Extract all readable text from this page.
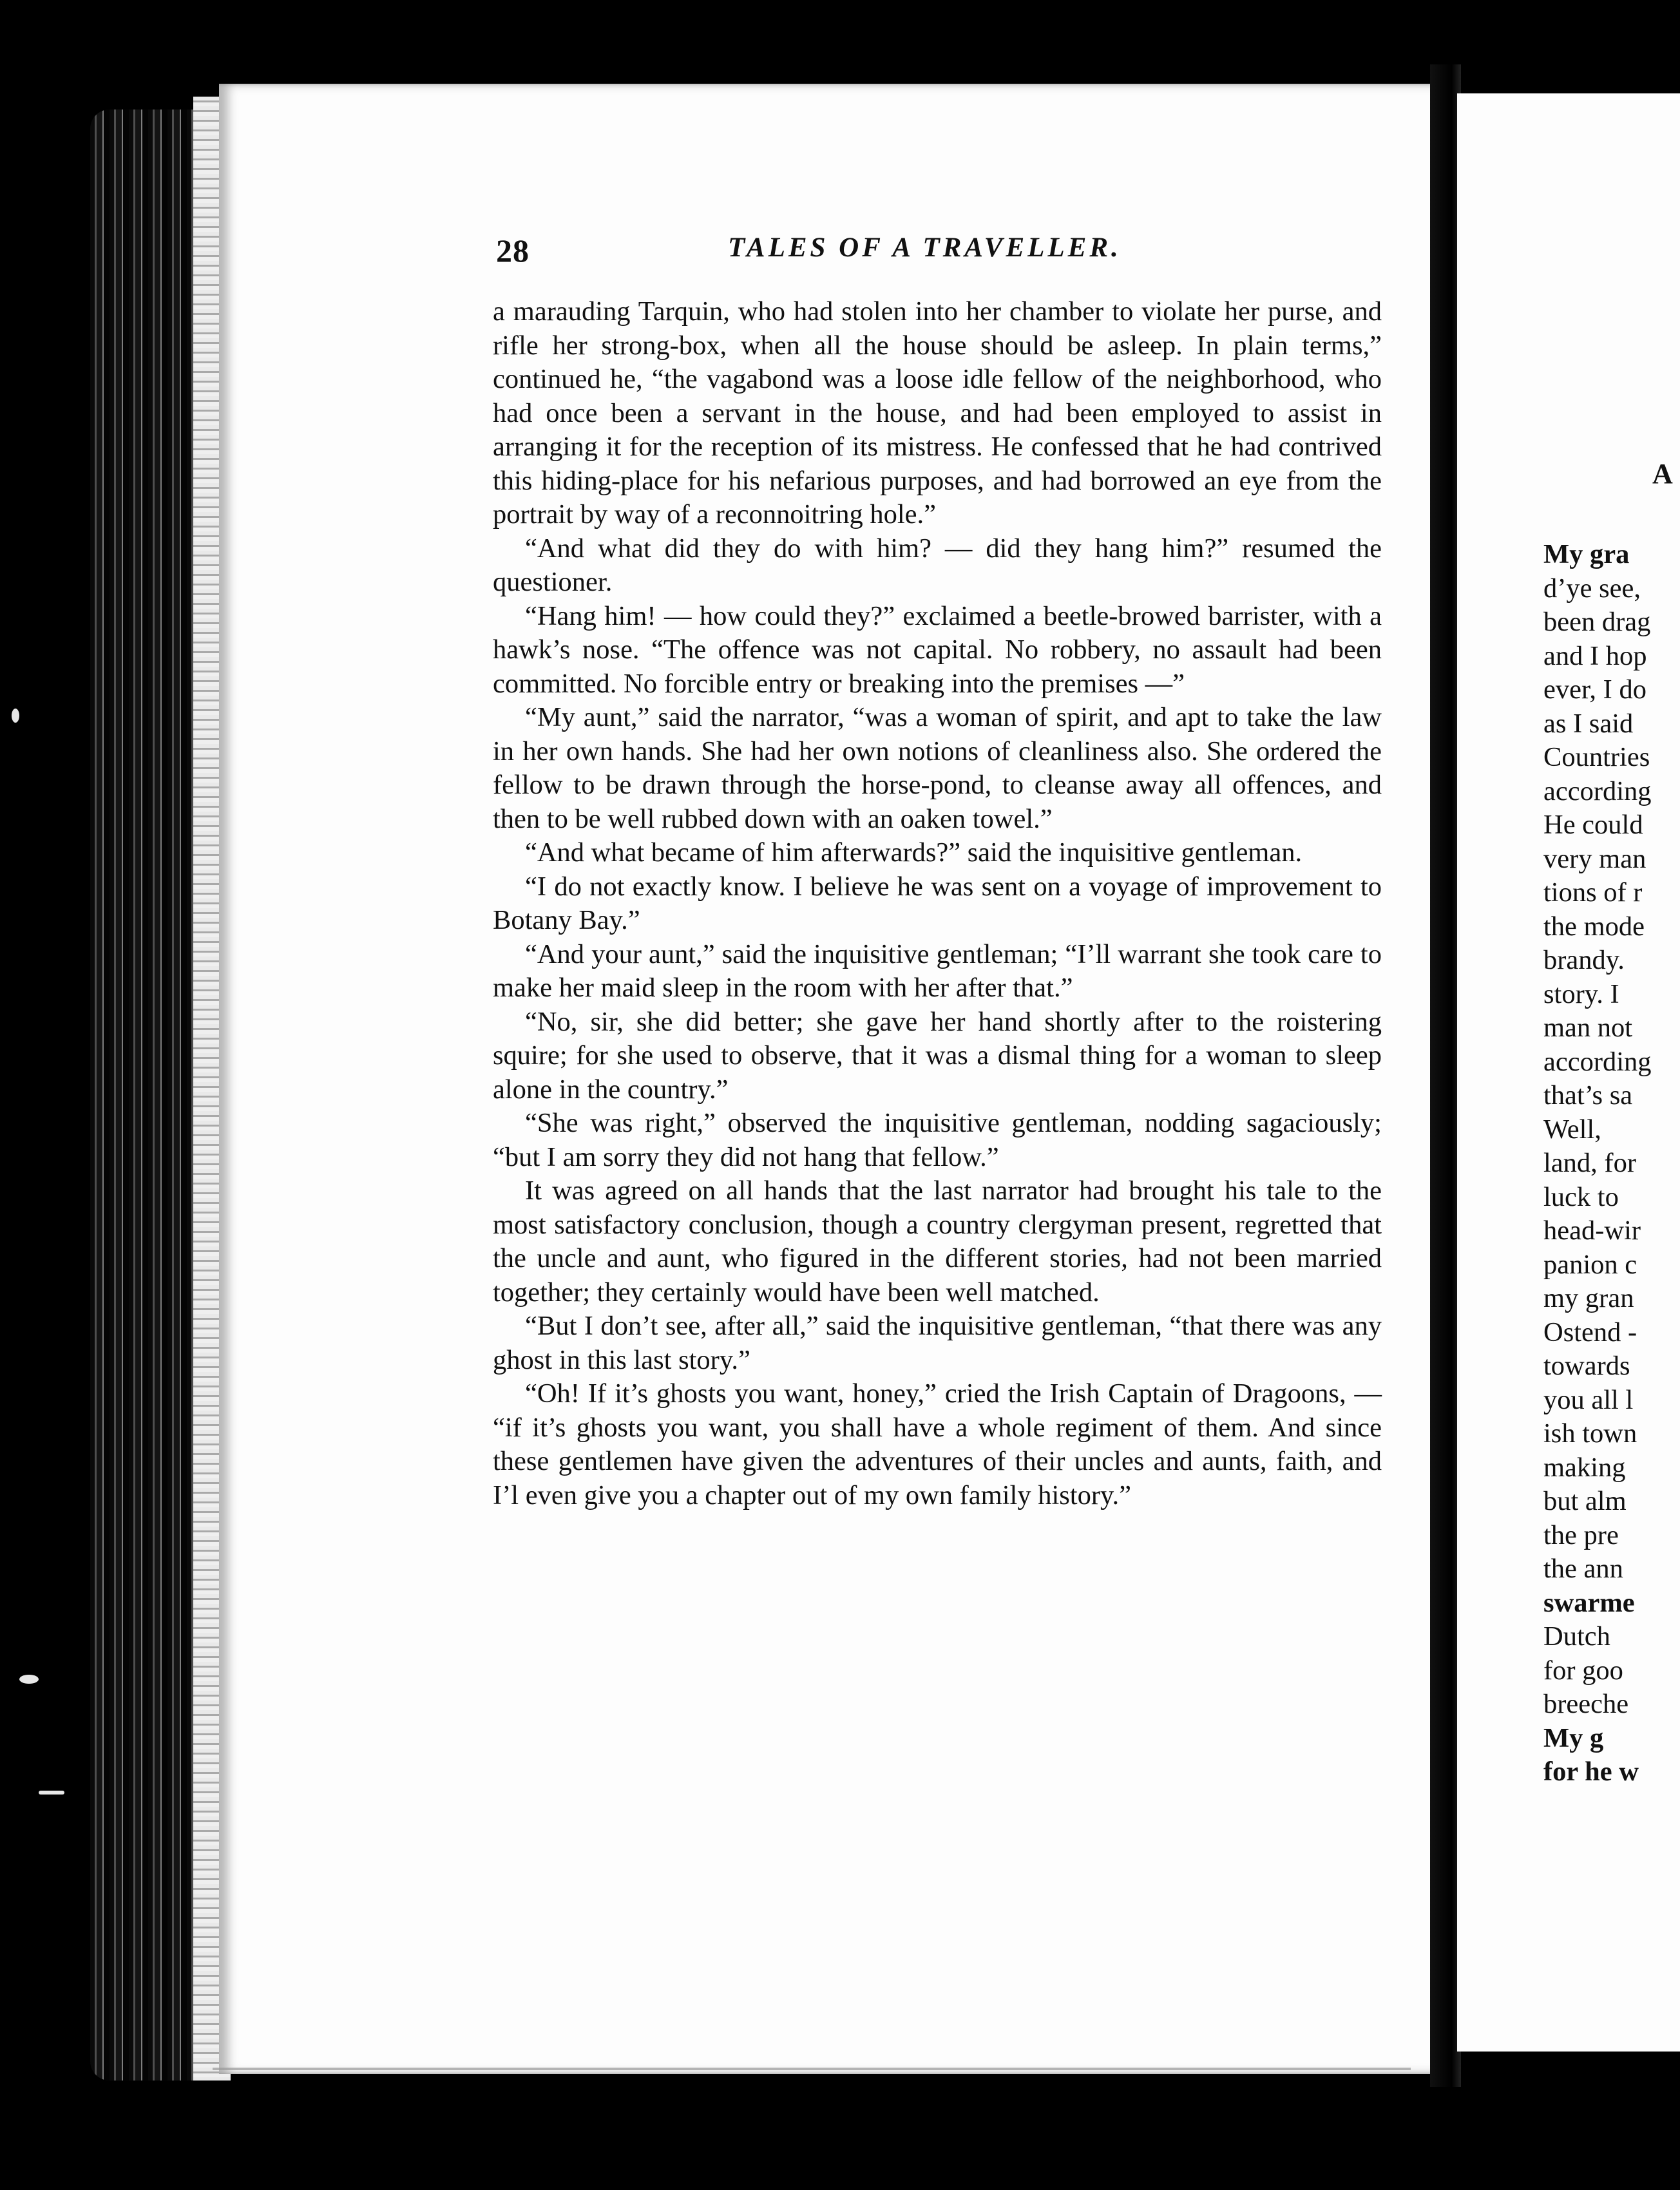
28	TALES OF A TRAVELLER.

a marauding Tarquin, who had stolen into her chamber to violate her purse, and rifle her strong-box, when all the house should be asleep. In plain terms,” continued he, “the vagabond was a loose idle fellow of the neighborhood, who had once been a servant in the house, and had been employed to assist in arranging it for the reception of its mistress. He confessed that he had contrived this hiding-place for his nefarious purposes, and had borrowed an eye from the portrait by way of a reconnoitring hole.”

“And what did they do with him? — did they hang him?” resumed the questioner.

“Hang him! — how could they?” exclaimed a beetle-browed barrister, with a hawk’s nose. “The offence was not capital. No robbery, no assault had been committed. No forcible entry or breaking into the premises —”

“My aunt,” said the narrator, “was a woman of spirit, and apt to take the law in her own hands. She had her own notions of cleanliness also. She ordered the fellow to be drawn through the horse-pond, to cleanse away all offences, and then to be well rubbed down with an oaken towel.”

“And what became of him afterwards?” said the inquisitive gentleman.

“I do not exactly know. I believe he was sent on a voyage of improvement to Botany Bay.”

“And your aunt,” said the inquisitive gentleman; “I’ll warrant she took care to make her maid sleep in the room with her after that.”

“No, sir, she did better; she gave her hand shortly after to the roistering squire; for she used to observe, that it was a dismal thing for a woman to sleep alone in the country.”

“She was right,” observed the inquisitive gentleman, nodding sagaciously; “but I am sorry they did not hang that fellow.”

It was agreed on all hands that the last narrator had brought his tale to the most satisfactory conclusion, though a country clergyman present, regretted that the uncle and aunt, who figured in the different stories, had not been married together; they certainly would have been well matched.

“But I don’t see, after all,” said the inquisitive gentleman, “that there was any ghost in this last story.”

“Oh! If it’s ghosts you want, honey,” cried the Irish Captain of Dragoons, — “if it’s ghosts you want, you shall have a whole regiment of them. And since these gentlemen have given the adventures of their uncles and aunts, faith, and I’l even give you a chapter out of my own family history.”

A
My gra
d’ye see,
been drag
and I hop
ever, I do
as I said
Countries
according
He could
very man
tions of r
the mode
brandy.
story. I
man not
according
that’s sa
Well,
land, for
luck to
head-wir
panion c
my gran
Ostend -
towards
you all l
ish town
making
but alm
the pre
the ann
swarme
Dutch
for goo
breeche
My g
for he w
